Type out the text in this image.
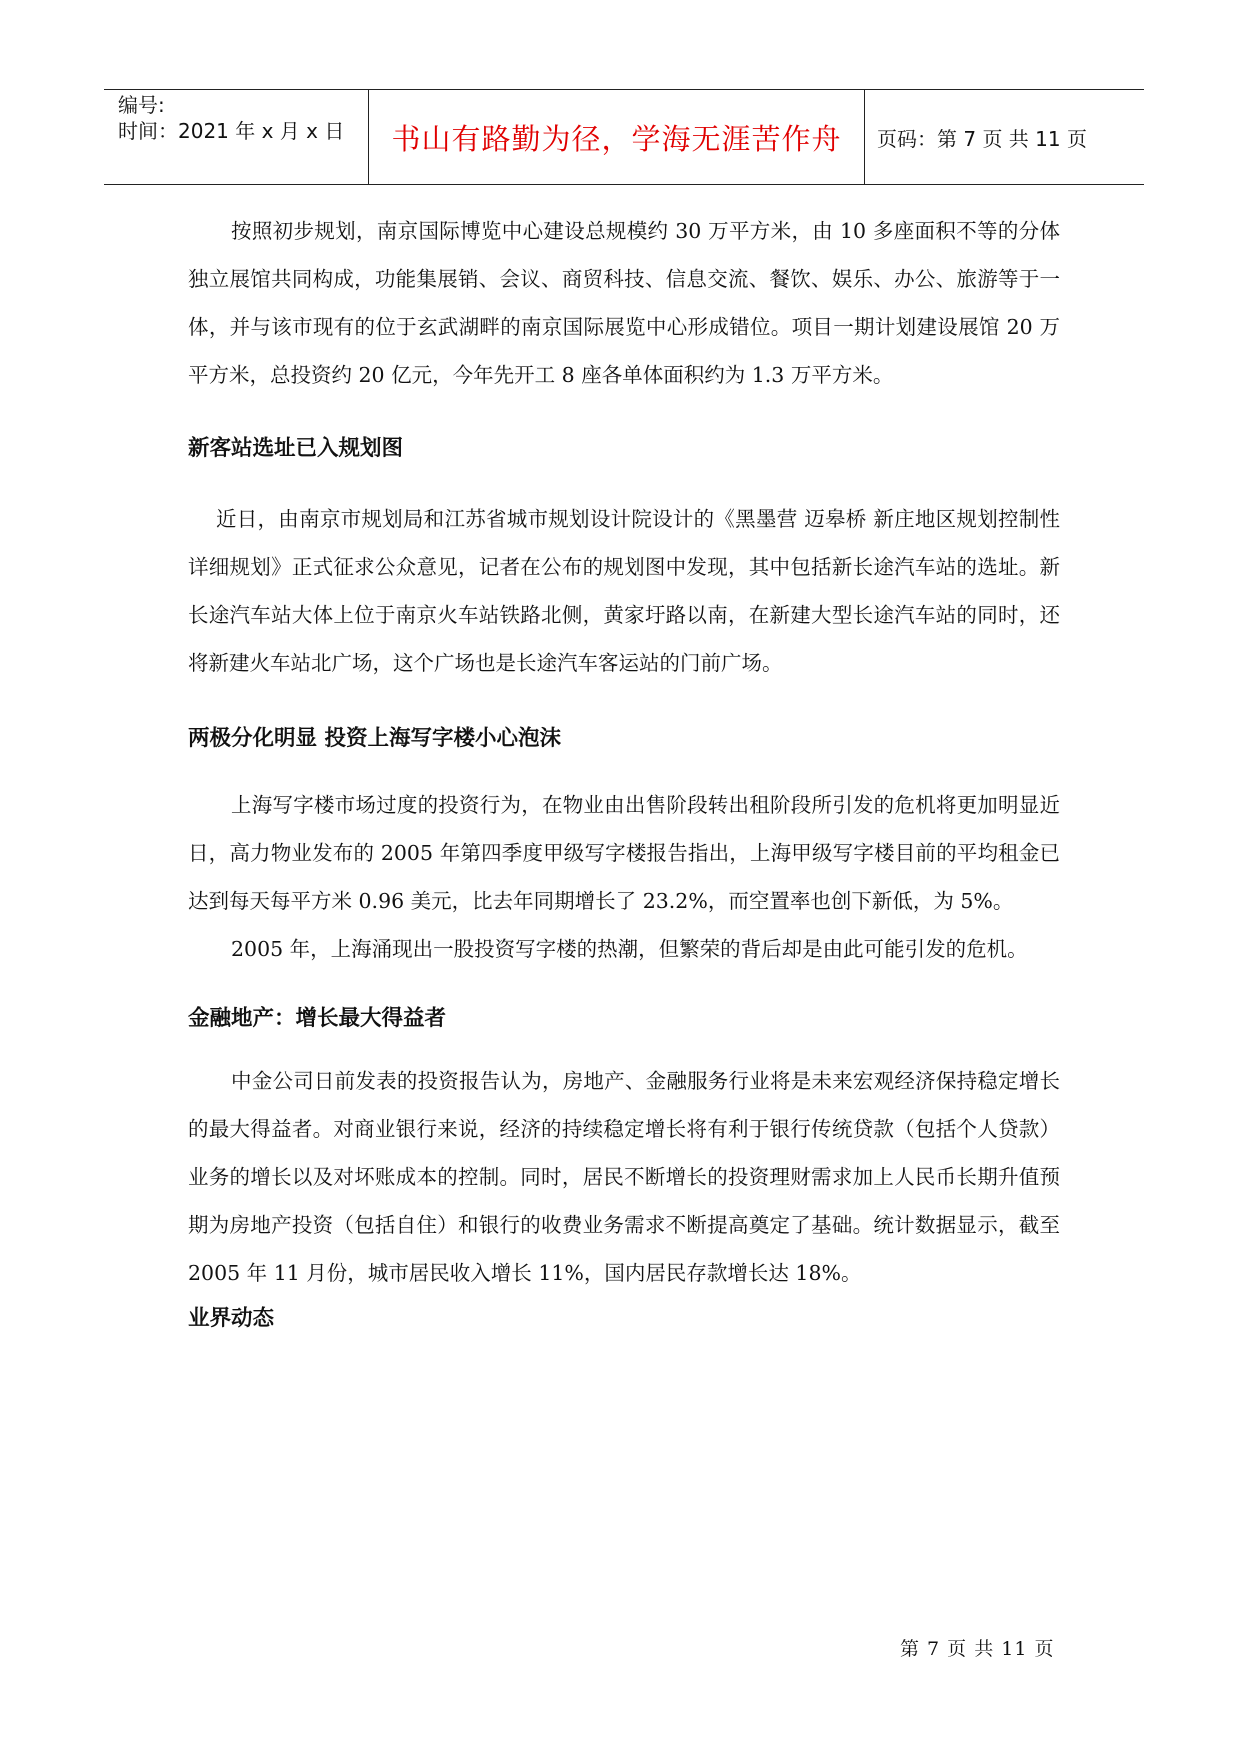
编号:
时间：2021 年 x 月 x 日 书山有路勤为径，学海无涯苦作舟 页码：第 7 页 共 11 页

按照初步规划，南京国际博览中心建设总规模约 30 万平方米，由 10 多座面积不等的分体独立展馆共同构成，功能集展销、会议、商贸科技、信息交流、餐饮、娱乐、办公、旅游等于一体，并与该市现有的位于玄武湖畔的南京国际展览中心形成错位。项目一期计划建设展馆 20 万平方米，总投资约 20 亿元，今年先开工 8 座各单体面积约为 1.3 万平方米。

新客站选址已入规划图

近日，由南京市规划局和江苏省城市规划设计院设计的《黑墨营 迈皋桥 新庄地区规划控制性详细规划》正式征求公众意见，记者在公布的规划图中发现，其中包括新长途汽车站的选址。新长途汽车站大体上位于南京火车站铁路北侧，黄家圩路以南，在新建大型长途汽车站的同时，还将新建火车站北广场，这个广场也是长途汽车客运站的门前广场。

两极分化明显 投资上海写字楼小心泡沫

上海写字楼市场过度的投资行为，在物业由出售阶段转出租阶段所引发的危机将更加明显近日，高力物业发布的 2005 年第四季度甲级写字楼报告指出，上海甲级写字楼目前的平均租金已达到每天每平方米 0.96 美元，比去年同期增长了 23.2%，而空置率也创下新低，为 5%。

2005 年，上海涌现出一股投资写字楼的热潮，但繁荣的背后却是由此可能引发的危机。

金融地产：增长最大得益者

中金公司日前发表的投资报告认为，房地产、金融服务行业将是未来宏观经济保持稳定增长的最大得益者。对商业银行来说，经济的持续稳定增长将有利于银行传统贷款（包括个人贷款）业务的增长以及对坏账成本的控制。同时，居民不断增长的投资理财需求加上人民币长期升值预期为房地产投资（包括自住）和银行的收费业务需求不断提高奠定了基础。统计数据显示，截至 2005 年 11 月份，城市居民收入增长 11%，国内居民存款增长达 18%。

业界动态
第 7 页 共 11 页
